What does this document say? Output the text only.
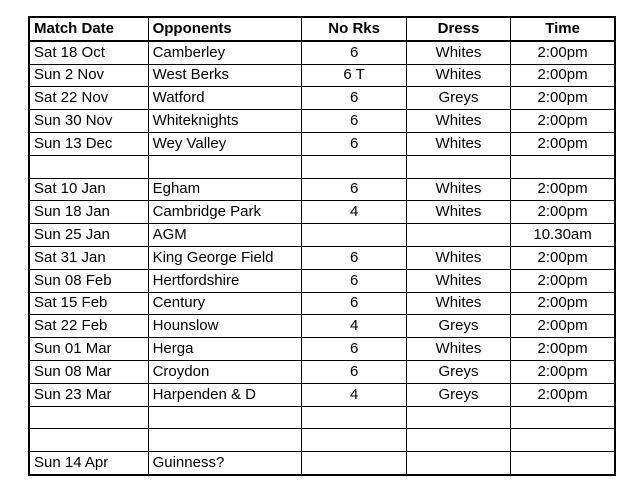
Match Date	Opponents	No Rks	Dress	Time
Sat 18 Oct	Camberley	6	Whites	2:00pm
Sun 2 Nov	West Berks	6 T	Whites	2:00pm
Sat 22 Nov	Watford	6	Greys	2:00pm
Sun 30 Nov	Whiteknights	6	Whites	2:00pm
Sun 13 Dec	Wey Valley	6	Whites	2:00pm

Sat 10 Jan	Egham	6	Whites	2:00pm
Sun 18 Jan	Cambridge Park	4	Whites	2:00pm
Sun 25 Jan	AGM			10.30am
Sat 31 Jan	King George Field	6	Whites	2:00pm
Sun 08 Feb	Hertfordshire	6	Whites	2:00pm
Sat 15 Feb	Century	6	Whites	2:00pm
Sat 22 Feb	Hounslow	4	Greys	2:00pm
Sun 01 Mar	Herga	6	Whites	2:00pm
Sun 08 Mar	Croydon	6	Greys	2:00pm
Sun 23 Mar	Harpenden & D	4	Greys	2:00pm

Sun 14 Apr	Guinness?			
